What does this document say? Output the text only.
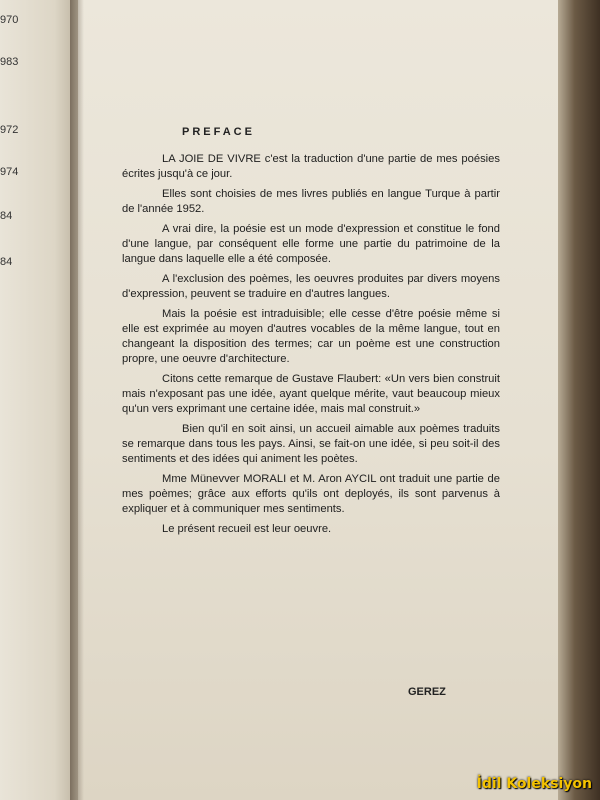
970
983
972
974
84
84
PREFACE

LA JOIE DE VIVRE c'est la traduction d'une partie de mes poésies écrites jusqu'à ce jour.

Elles sont choisies de mes livres publiés en langue Turque à partir de l'année 1952.

A vrai dire, la poésie est un mode d'expression et constitue le fond d'une langue, par conséquent elle forme une partie du patrimoine de la langue dans laquelle elle a été composée.

A l'exclusion des poèmes, les oeuvres produites par divers moyens d'expression, peuvent se traduire en d'autres langues.

Mais la poésie est intraduisible; elle cesse d'être poésie même si elle est exprimée au moyen d'autres vocables de la même langue, tout en changeant la disposition des termes; car un poème est une construction propre, une oeuvre d'architecture.

Citons cette remarque de Gustave Flaubert: «Un vers bien construit mais n'exposant pas une idée, ayant quelque mérite, vaut beaucoup mieux qu'un vers exprimant une certaine idée, mais mal construit.»

Bien qu'il en soit ainsi, un accueil aimable aux poèmes traduits se remarque dans tous les pays. Ainsi, se fait-on une idée, si peu soit-il des sentiments et des idées qui animent les poètes.

Mme Münevver MORALI et M. Aron AYCIL ont traduit une partie de mes poèmes; grâce aux efforts qu'ils ont deployés, ils sont parvenus à expliquer et à communiquer mes sentiments.

Le présent recueil est leur oeuvre.

GEREZ
İdil Koleksiyon
